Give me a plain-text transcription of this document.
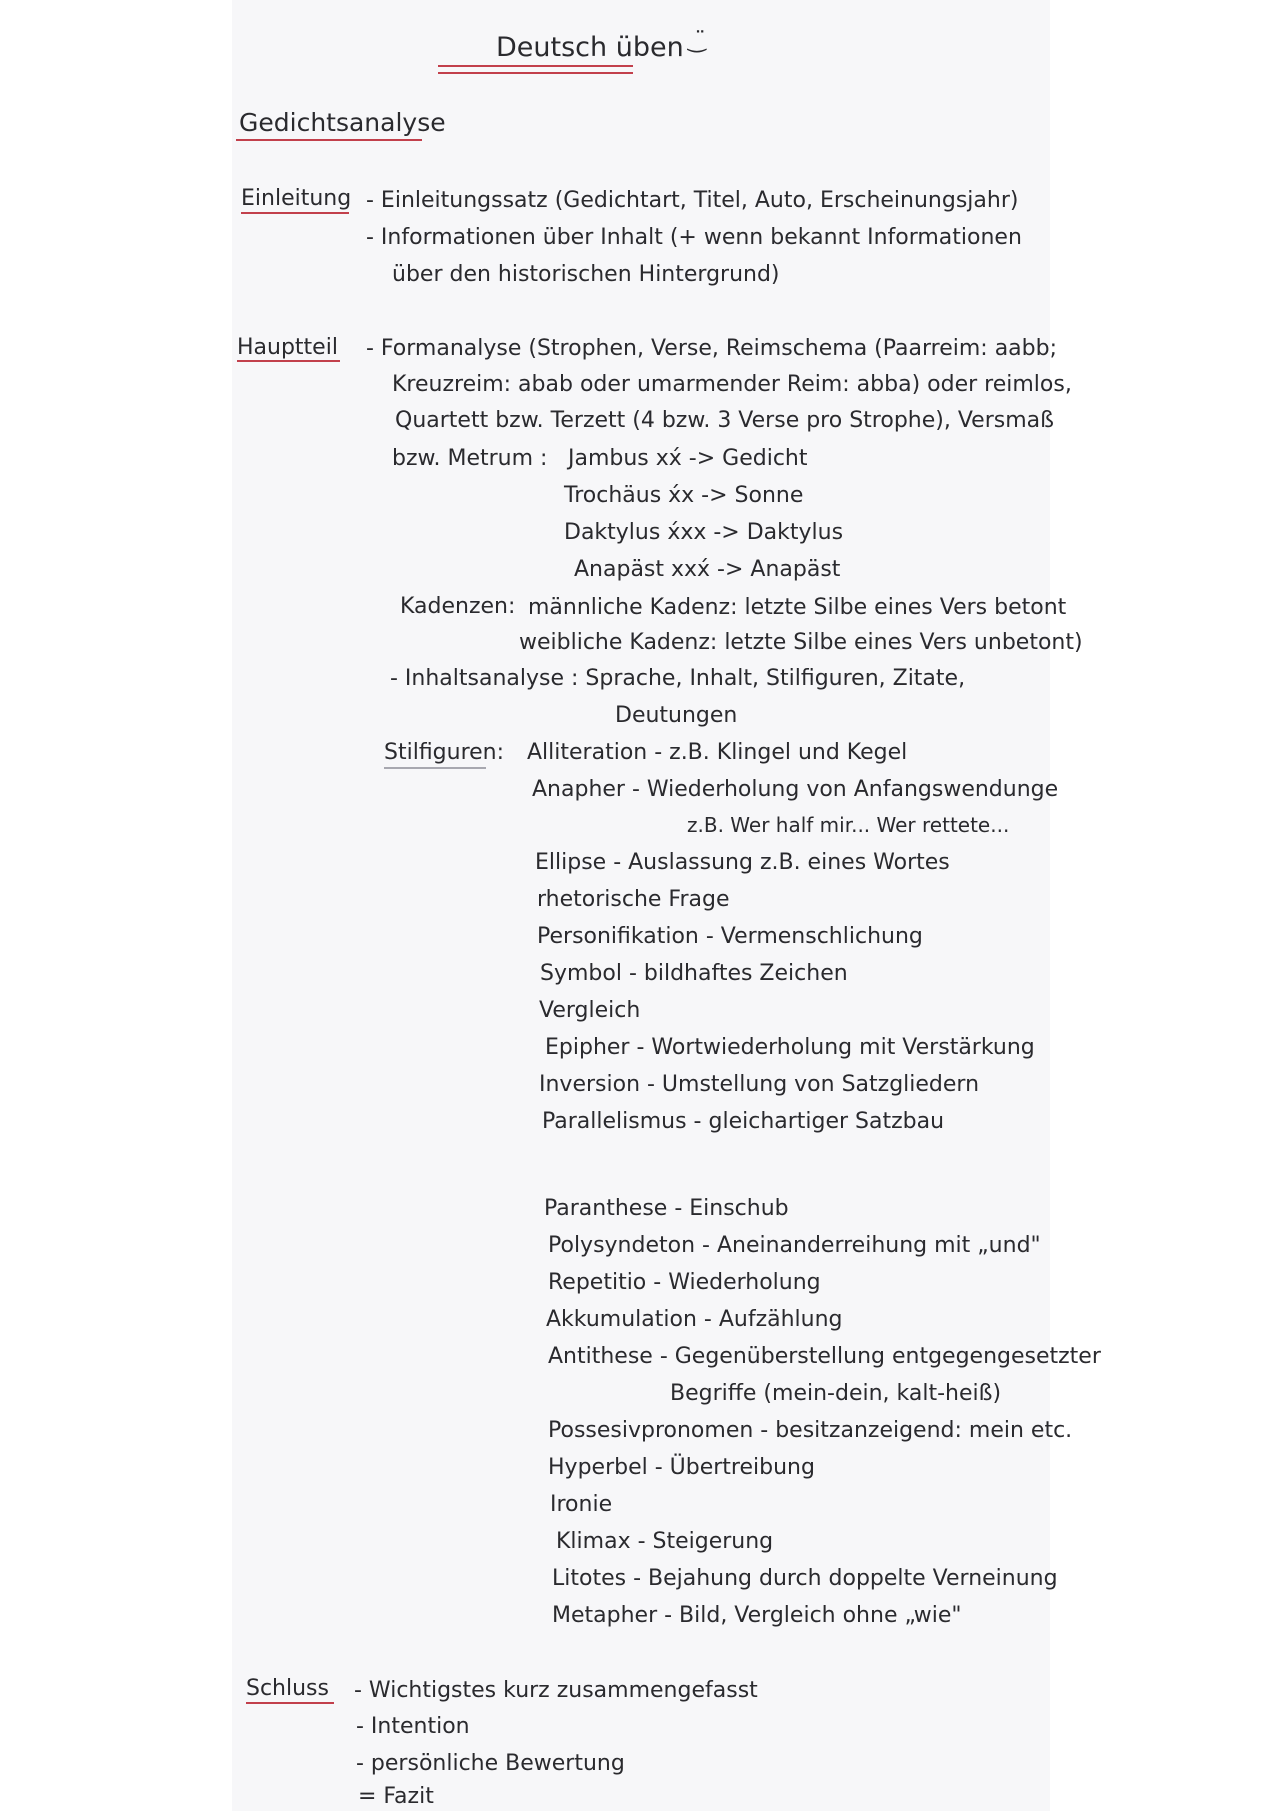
Deutsch üben ‿̈
Gedichtsanalyse
Einleitung - Einleitungssatz (Gedichtart, Titel, Auto, Erscheinungsjahr)
- Informationen über Inhalt (+ wenn bekannt Informationen
über den historischen Hintergrund)
Hauptteil - Formanalyse (Strophen, Verse, Reimschema (Paarreim: aabb;
Kreuzreim: abab oder umarmender Reim: abba) oder reimlos,
Quartett bzw. Terzett (4 bzw. 3 Verse pro Strophe), Versmaß
bzw. Metrum : Jambus xx́ -> Gedicht
Trochäus x́x -> Sonne
Daktylus x́xx -> Daktylus
Anapäst xxx́ -> Anapäst
Kadenzen: männliche Kadenz: letzte Silbe eines Vers betont
weibliche Kadenz: letzte Silbe eines Vers unbetont)
- Inhaltsanalyse : Sprache, Inhalt, Stilfiguren, Zitate,
Deutungen
Stilfiguren: Alliteration - z.B. Klingel und Kegel
Anapher - Wiederholung von Anfangswendunge
z.B. Wer half mir... Wer rettete...
Ellipse - Auslassung z.B. eines Wortes
rhetorische Frage
Personifikation - Vermenschlichung
Symbol - bildhaftes Zeichen
Vergleich
Epipher - Wortwiederholung mit Verstärkung
Inversion - Umstellung von Satzgliedern
Parallelismus - gleichartiger Satzbau
Paranthese - Einschub
Polysyndeton - Aneinanderreihung mit „und"
Repetitio - Wiederholung
Akkumulation - Aufzählung
Antithese - Gegenüberstellung entgegengesetzter
Begriffe (mein-dein, kalt-heiß)
Possesivpronomen - besitzanzeigend: mein etc.
Hyperbel - Übertreibung
Ironie
Klimax - Steigerung
Litotes - Bejahung durch doppelte Verneinung
Metapher - Bild, Vergleich ohne „wie"
Schluss - Wichtigstes kurz zusammengefasst
- Intention
- persönliche Bewertung
= Fazit
